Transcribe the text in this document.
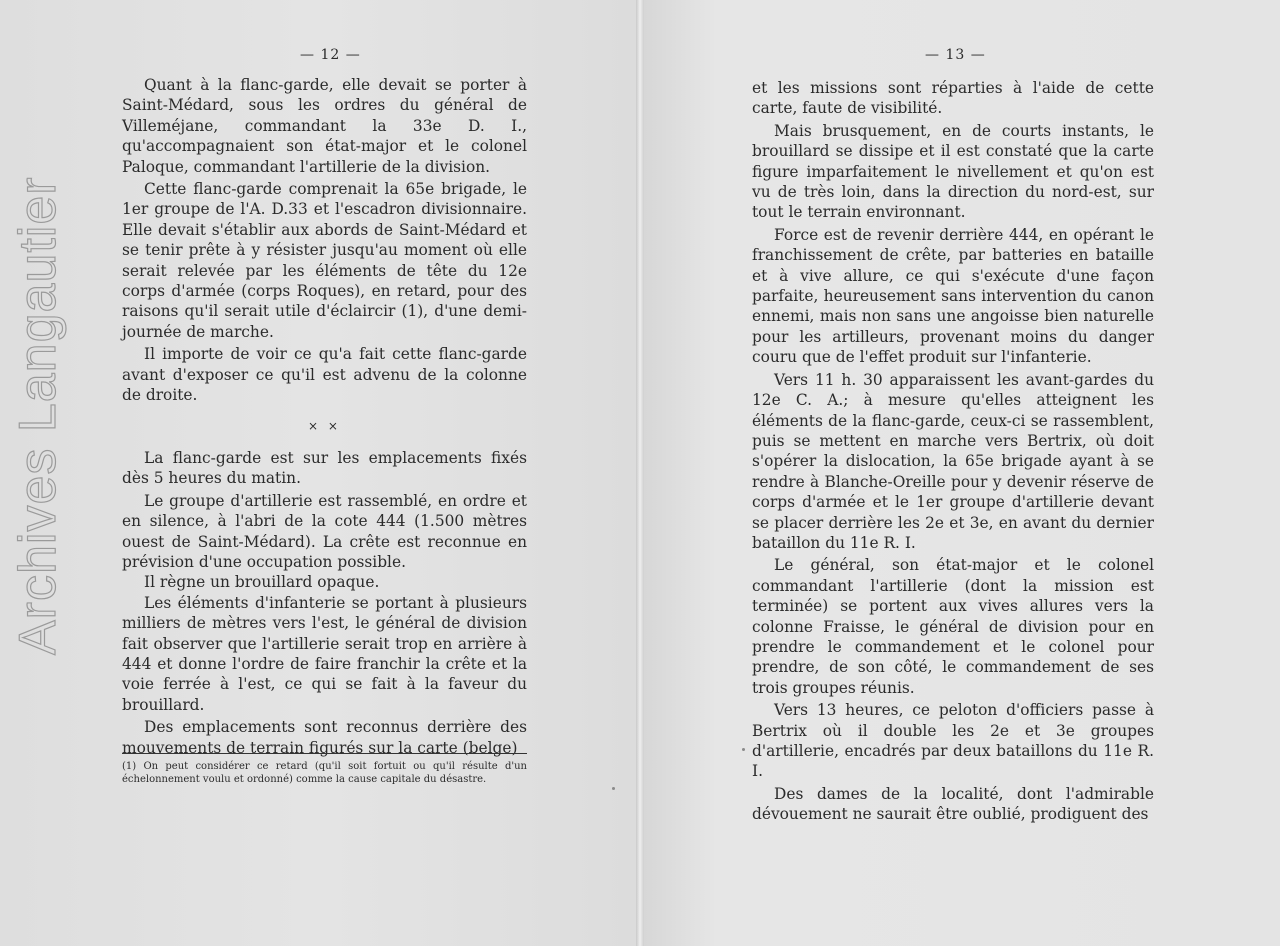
— 12 —

Quant à la flanc-garde, elle devait se porter à Saint-Médard, sous les ordres du général de Villeméjane, commandant la 33e D. I., qu'accompagnaient son état-major et le colonel Paloque, commandant l'artillerie de la division.

Cette flanc-garde comprenait la 65e brigade, le 1er groupe de l'A. D.33 et l'escadron divisionnaire. Elle devait s'établir aux abords de Saint-Médard et se tenir prête à y résister jusqu'au moment où elle serait relevée par les éléments de tête du 12e corps d'armée (corps Roques), en retard, pour des raisons qu'il serait utile d'éclaircir (1), d'une demi-journée de marche.

Il importe de voir ce qu'a fait cette flanc-garde avant d'exposer ce qu'il est advenu de la colonne de droite.

× ×

La flanc-garde est sur les emplacements fixés dès 5 heures du matin.

Le groupe d'artillerie est rassemblé, en ordre et en silence, à l'abri de la cote 444 (1.500 mètres ouest de Saint-Médard). La crête est reconnue en prévision d'une occupation possible.

Il règne un brouillard opaque.

Les éléments d'infanterie se portant à plusieurs milliers de mètres vers l'est, le général de division fait observer que l'artillerie serait trop en arrière à 444 et donne l'ordre de faire franchir la crête et la voie ferrée à l'est, ce qui se fait à la faveur du brouillard.

Des emplacements sont reconnus derrière des mouvements de terrain figurés sur la carte (belge)

(1) On peut considérer ce retard (qu'il soit fortuit ou qu'il résulte d'un échelonnement voulu et ordonné) comme la cause capitale du désastre.
Archives Langautier
— 13 —

et les missions sont réparties à l'aide de cette carte, faute de visibilité.

Mais brusquement, en de courts instants, le brouillard se dissipe et il est constaté que la carte figure imparfaitement le nivellement et qu'on est vu de très loin, dans la direction du nord-est, sur tout le terrain environnant.

Force est de revenir derrière 444, en opérant le franchissement de crête, par batteries en bataille et à vive allure, ce qui s'exécute d'une façon parfaite, heureusement sans intervention du canon ennemi, mais non sans une angoisse bien naturelle pour les artilleurs, provenant moins du danger couru que de l'effet produit sur l'infanterie.

Vers 11 h. 30 apparaissent les avant-gardes du 12e C. A.; à mesure qu'elles atteignent les éléments de la flanc-garde, ceux-ci se rassemblent, puis se mettent en marche vers Bertrix, où doit s'opérer la dislocation, la 65e brigade ayant à se rendre à Blanche-Oreille pour y devenir réserve de corps d'armée et le 1er groupe d'artillerie devant se placer derrière les 2e et 3e, en avant du dernier bataillon du 11e R. I.

Le général, son état-major et le colonel commandant l'artillerie (dont la mission est terminée) se portent aux vives allures vers la colonne Fraisse, le général de division pour en prendre le commandement et le colonel pour prendre, de son côté, le commandement de ses trois groupes réunis.

Vers 13 heures, ce peloton d'officiers passe à Bertrix où il double les 2e et 3e groupes d'artillerie, encadrés par deux bataillons du 11e R. I.

Des dames de la localité, dont l'admirable dévouement ne saurait être oublié, prodiguent des
